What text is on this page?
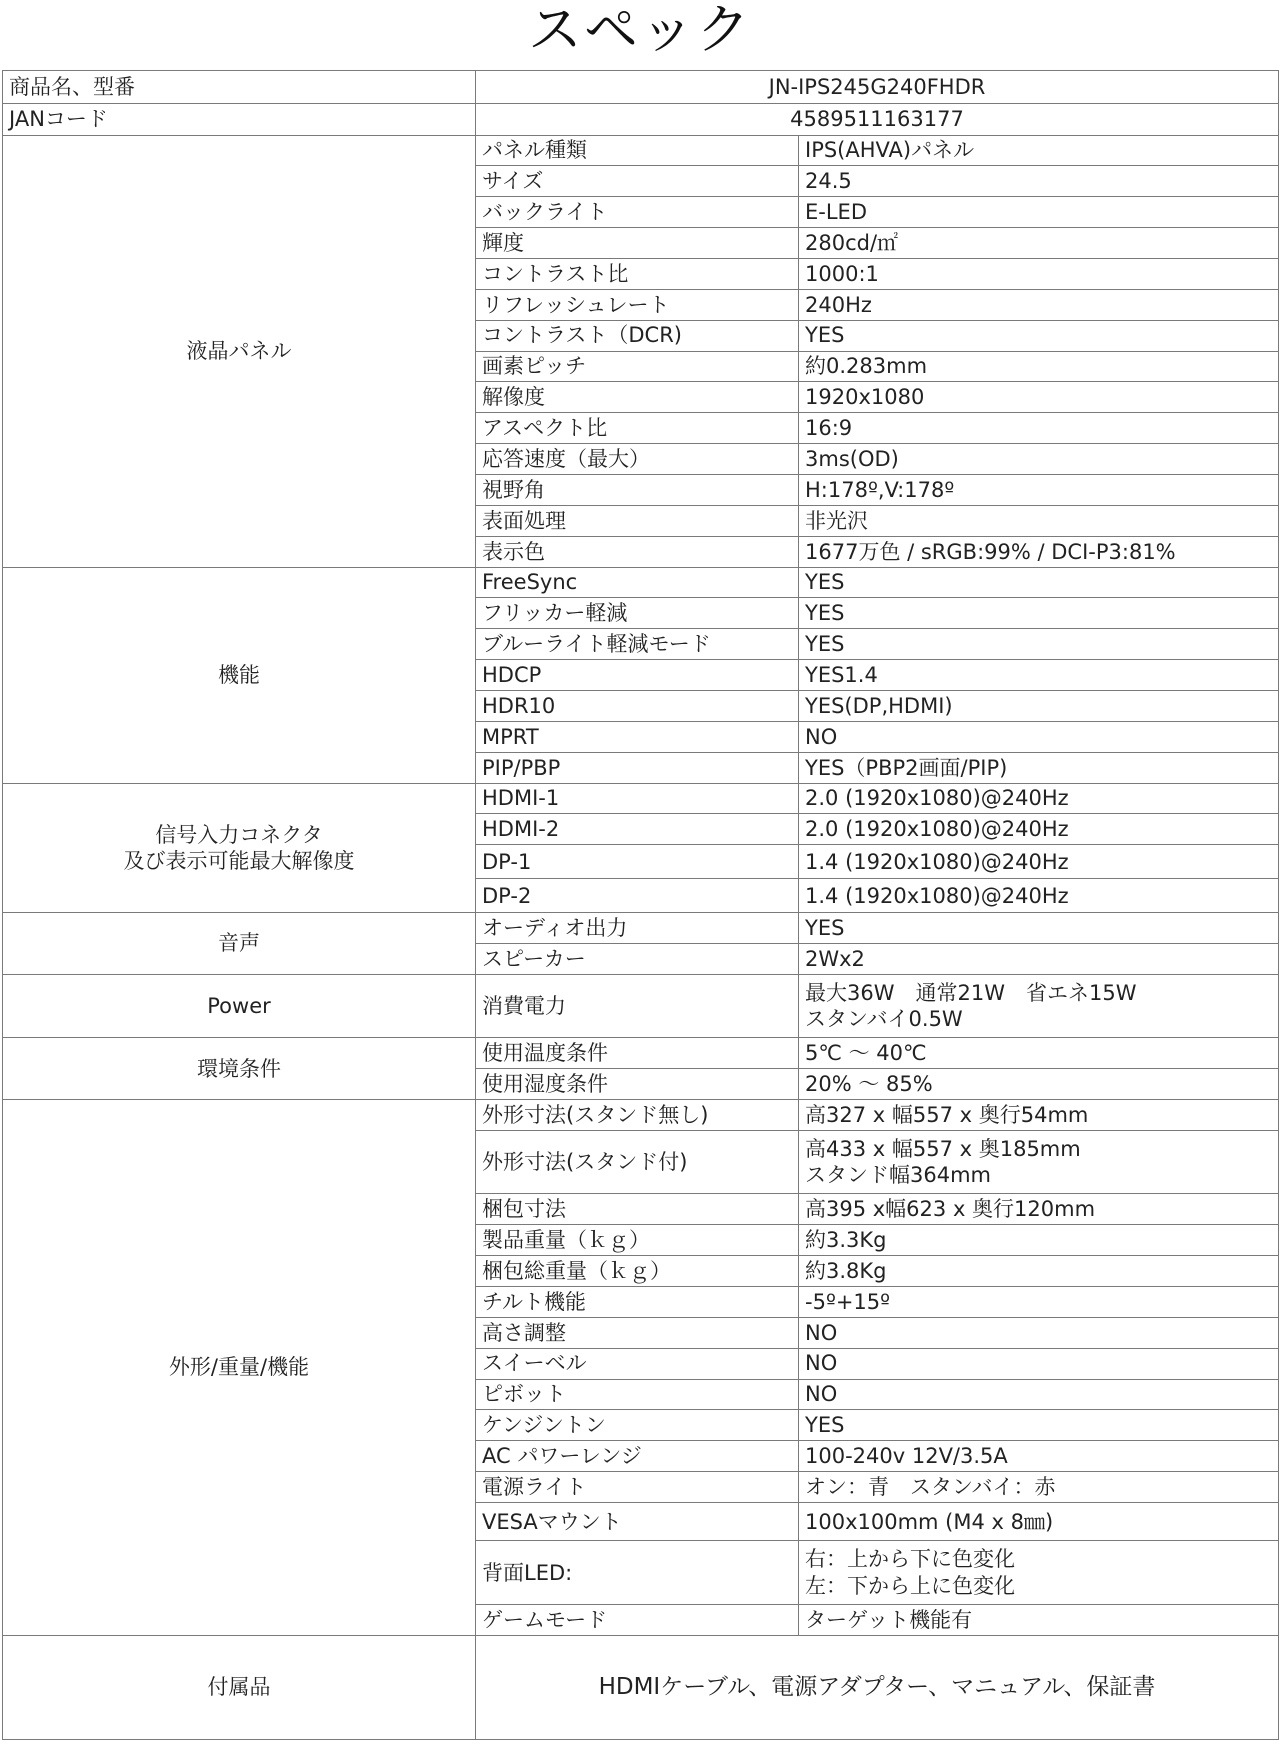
スペック
商品名、型番	JN-IPS245G240FHDR	
JANコード	4589511163177	

液晶パネル	パネル種類	IPS(AHVA)パネル
	サイズ	24.5
	バックライト	E-LED
	輝度	280cd/㎡
	コントラスト比	1000:1
	リフレッシュレート	240Hz
	コントラスト（DCR)	YES
	画素ピッチ	約0.283mm
	解像度	1920x1080
	アスペクト比	16:9
	応答速度（最大）	3ms(OD)
	視野角	H:178º,V:178º
	表面処理	非光沢
	表示色	1677万色 / sRGB:99% / DCI-P3:81%

機能	FreeSync	YES
	フリッカー軽減	YES
	ブルーライト軽減モード	YES
	HDCP	YES1.4
	HDR10	YES(DP,HDMI)
	MPRT	NO
	PIP/PBP	YES（PBP2画面/PIP)

信号入力コネクタ
及び表示可能最大解像度	HDMI-1	2.0 (1920x1080)@240Hz
	HDMI-2	2.0 (1920x1080)@240Hz
	DP-1	1.4 (1920x1080)@240Hz
	DP-2	1.4 (1920x1080)@240Hz

音声	オーディオ出力	YES
	スピーカー	2Wx2

Power	消費電力	最大36W　通常21W　省エネ15W
スタンバイ0.5W

環境条件	使用温度条件	5℃ ～ 40℃
	使用湿度条件	20% ～ 85%

外形/重量/機能	外形寸法(スタンド無し)	高327 x 幅557 x 奥行54mm
	外形寸法(スタンド付)	高433 x 幅557 x 奥185mm
スタンド幅364mm

	梱包寸法	高395 x幅623 x 奥行120mm
	製品重量（ｋｇ）	約3.3Kg
	梱包総重量（ｋｇ）	約3.8Kg
	チルト機能	-5º+15º
	高さ調整	NO
	スイーベル	NO
	ピボット	NO
	ケンジントン	YES
	AC パワーレンジ	100-240v 12V/3.5A
	電源ライト	オン：青　スタンバイ：赤
	VESAマウント	100x100mm (M4 x 8㎜)
	背面LED:	右：上から下に色変化
左：下から上に色変化

	ゲームモード	ターゲット機能有
付属品	HDMIケーブル、電源アダプター、マニュアル、保証書	
